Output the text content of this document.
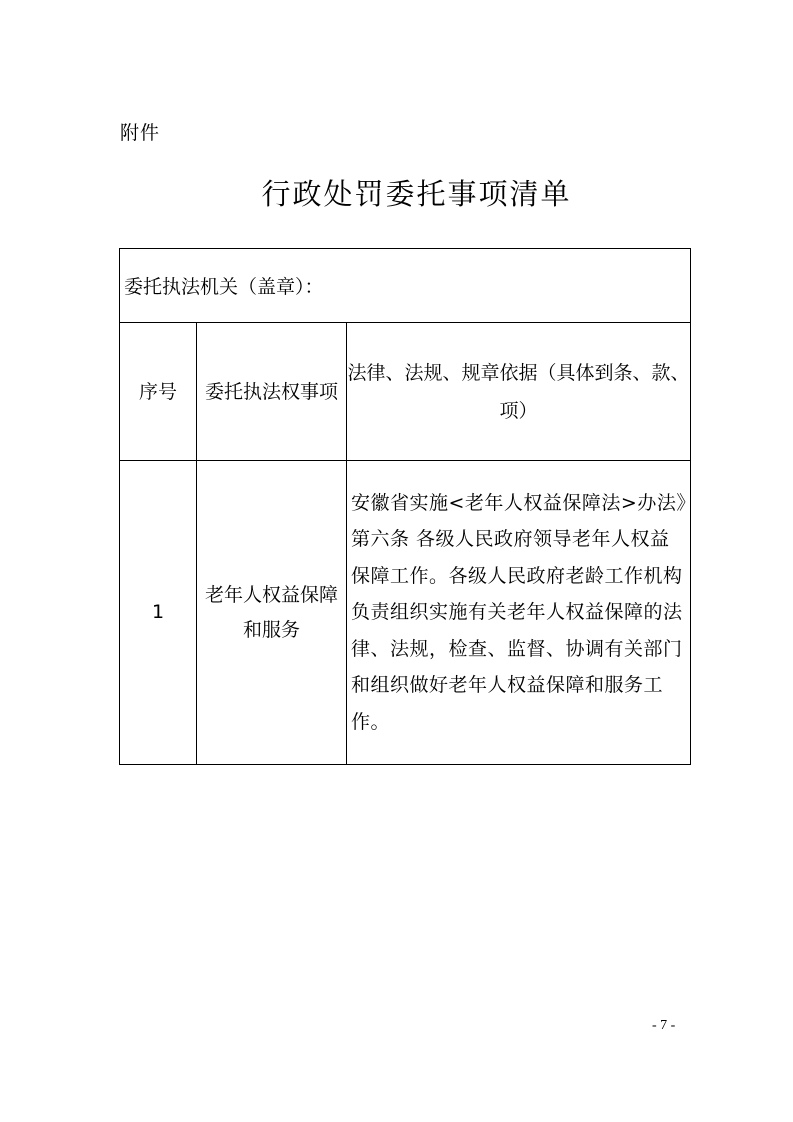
附件
行政处罚委托事项清单
委托执法机关（盖章）：		
序号	委托执法权事项	法律、法规、规章依据（具体到条、款、项）
1	老年人权益保障和服务	安徽省实施<老年人权益保障法>办法》第六条 各级人民政府领导老年人权益保障工作。各级人民政府老龄工作机构负责组织实施有关老年人权益保障的法律、法规，检查、监督、协调有关部门和组织做好老年人权益保障和服务工作。
- 7 -
